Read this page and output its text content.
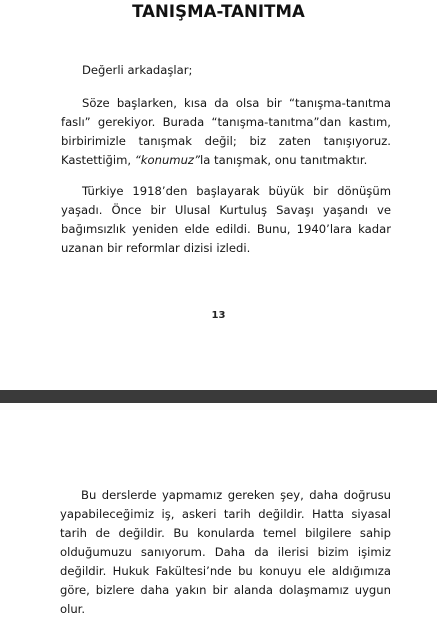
TANIŞMA-TANITMA
Değerli arkadaşlar;
Söze başlarken, kısa da olsa bir “tanışma-tanıtma faslı” gerekiyor. Burada “tanışma-tanıtma”dan kastım, birbirimizle tanışmak değil; biz zaten tanışıyoruz. Kastettiğim, “konumuz”la tanışmak, onu tanıtmaktır.
Türkiye 1918’den başlayarak büyük bir dönüşüm yaşadı. Önce bir Ulusal Kurtuluş Savaşı yaşandı ve bağımsızlık yeniden elde edildi. Bunu, 1940’lara kadar uzanan bir reformlar dizisi izledi.
13
Bu derslerde yapmamız gereken şey, daha doğrusu yapabileceğimiz iş, askeri tarih değildir. Hatta siyasal tarih de değildir. Bu konularda temel bilgilere sahip olduğumuzu sanıyorum. Daha da ilerisi bizim işimiz değildir. Hukuk Fakültesi’nde bu konuyu ele aldığımıza göre, bizlere daha yakın bir alanda dolaşmamız uygun olur.
